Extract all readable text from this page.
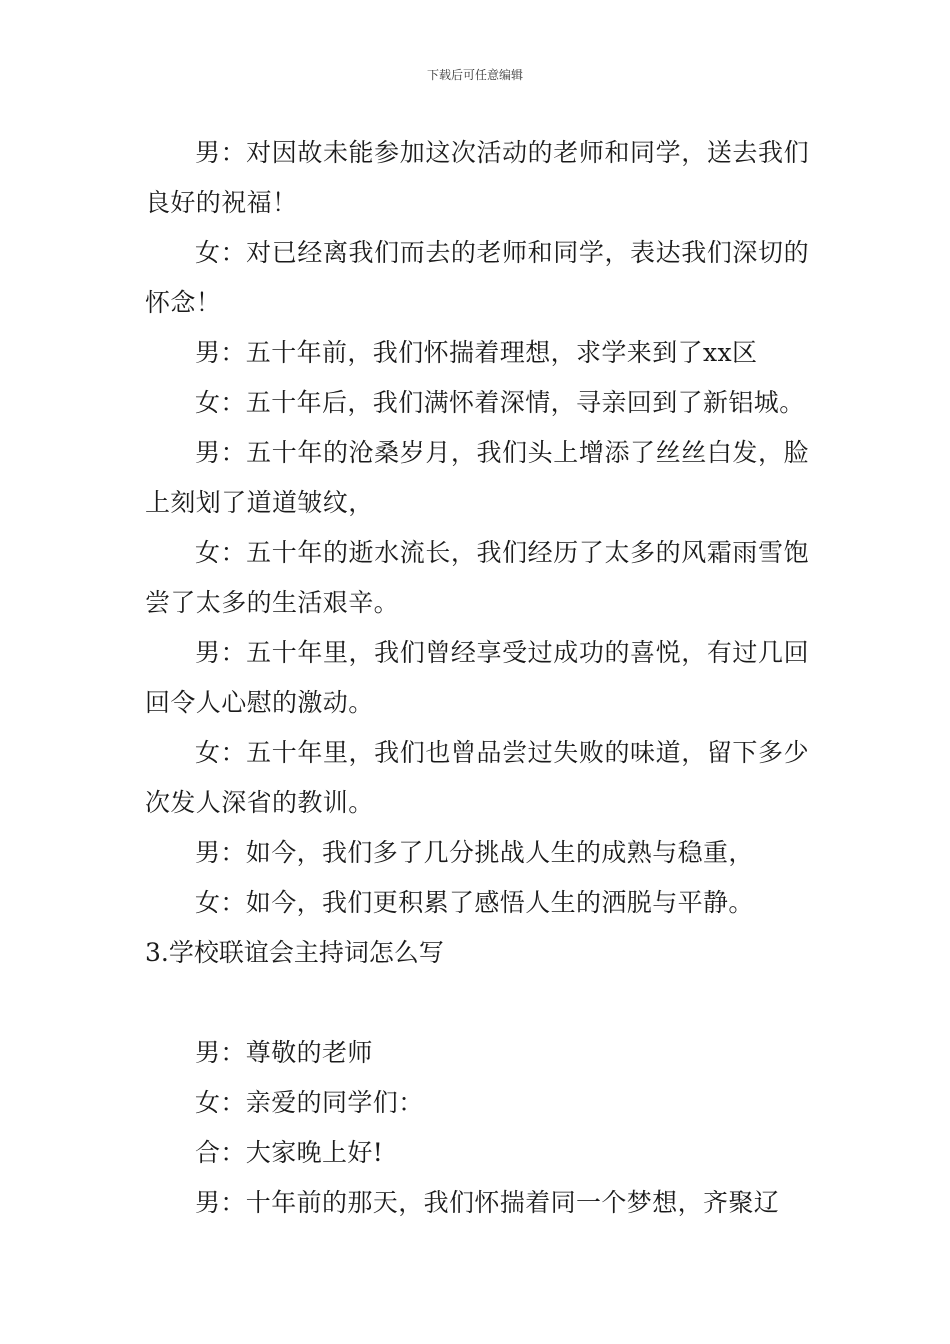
下载后可任意编辑

男：对因故未能参加这次活动的老师和同学，送去我们良好的祝福！

女：对已经离我们而去的老师和同学，表达我们深切的怀念！

男：五十年前，我们怀揣着理想，求学来到了xx区

女：五十年后，我们满怀着深情，寻亲回到了新铝城。

男：五十年的沧桑岁月，我们头上增添了丝丝白发，脸上刻划了道道皱纹，

女：五十年的逝水流长，我们经历了太多的风霜雨雪饱尝了太多的生活艰辛。

男：五十年里，我们曾经享受过成功的喜悦，有过几回回令人心慰的激动。

女：五十年里，我们也曾品尝过失败的味道，留下多少次发人深省的教训。

男：如今，我们多了几分挑战人生的成熟与稳重，

女：如今，我们更积累了感悟人生的洒脱与平静。

3.学校联谊会主持词怎么写

男：尊敬的老师

女：亲爱的同学们：

合：大家晚上好!

男：十年前的那天，我们怀揣着同一个梦想，齐聚辽
